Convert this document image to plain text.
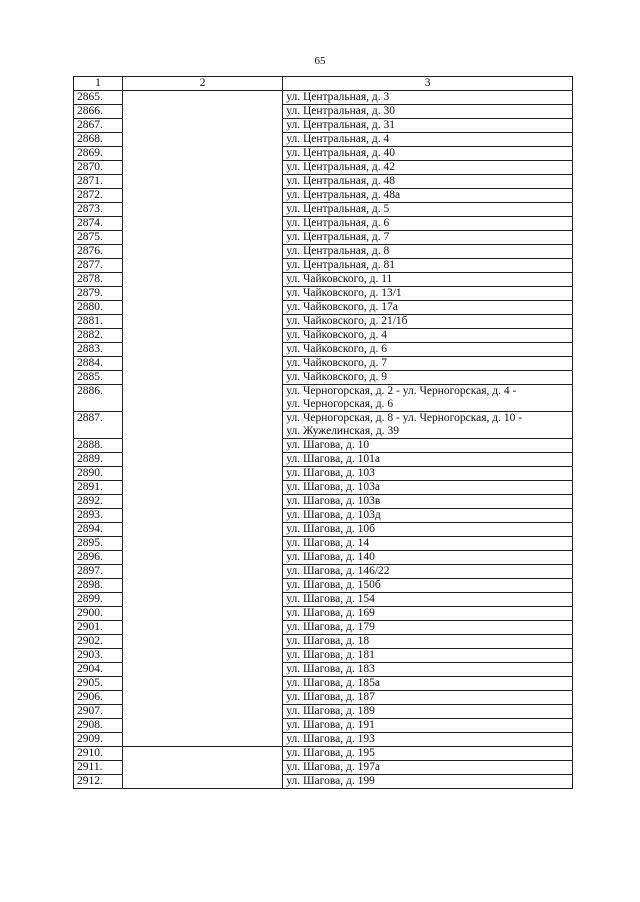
65
1	2	3
2865.		ул. Центральная, д. 3

2866.		ул. Центральная, д. 30

2867.		ул. Центральная, д. 31

2868.		ул. Центральная, д. 4

2869.		ул. Центральная, д. 40

2870.		ул. Центральная, д. 42

2871.		ул. Центральная, д. 48

2872.		ул. Центральная, д. 48а

2873.		ул. Центральная, д. 5

2874.		ул. Центральная, д. 6

2875.		ул. Центральная, д. 7

2876.		ул. Центральная, д. 8

2877.		ул. Центральная, д. 81

2878.		ул. Чайковского, д. 11

2879.		ул. Чайковского, д. 13/1

2880.		ул. Чайковского, д. 17а

2881.		ул. Чайковского, д. 21/1б

2882.		ул. Чайковского, д. 4

2883.		ул. Чайковского, д. 6

2884.		ул. Чайковского, д. 7

2885.		ул. Чайковского, д. 9

2886.		ул. Черногорская, д. 2 - ул. Черногорская, д. 4 -
ул. Черногорская, д. 6

2887.		ул. Черногорская, д. 8 - ул. Черногорская, д. 10 -
ул. Жужелинская, д. 39

2888.		ул. Шагова, д. 10

2889.		ул. Шагова, д. 101а

2890.		ул. Шагова, д. 103

2891.		ул. Шагова, д. 103а

2892.		ул. Шагова, д. 103в

2893.		ул. Шагова, д. 103д

2894.		ул. Шагова, д. 10б

2895.		ул. Шагова, д. 14

2896.		ул. Шагова, д. 140

2897.		ул. Шагова, д. 146/22

2898.		ул. Шагова, д. 150б

2899.		ул. Шагова, д. 154

2900.		ул. Шагова, д. 169

2901.		ул. Шагова, д. 179

2902.		ул. Шагова, д. 18

2903.		ул. Шагова, д. 181

2904.		ул. Шагова, д. 183

2905.		ул. Шагова, д. 185а

2906.		ул. Шагова, д. 187

2907.		ул. Шагова, д. 189

2908.		ул. Шагова, д. 191

2909.		ул. Шагова, д. 193

2910.		ул. Шагова, д. 195

2911.		ул. Шагова, д. 197а

2912.		ул. Шагова, д. 199
